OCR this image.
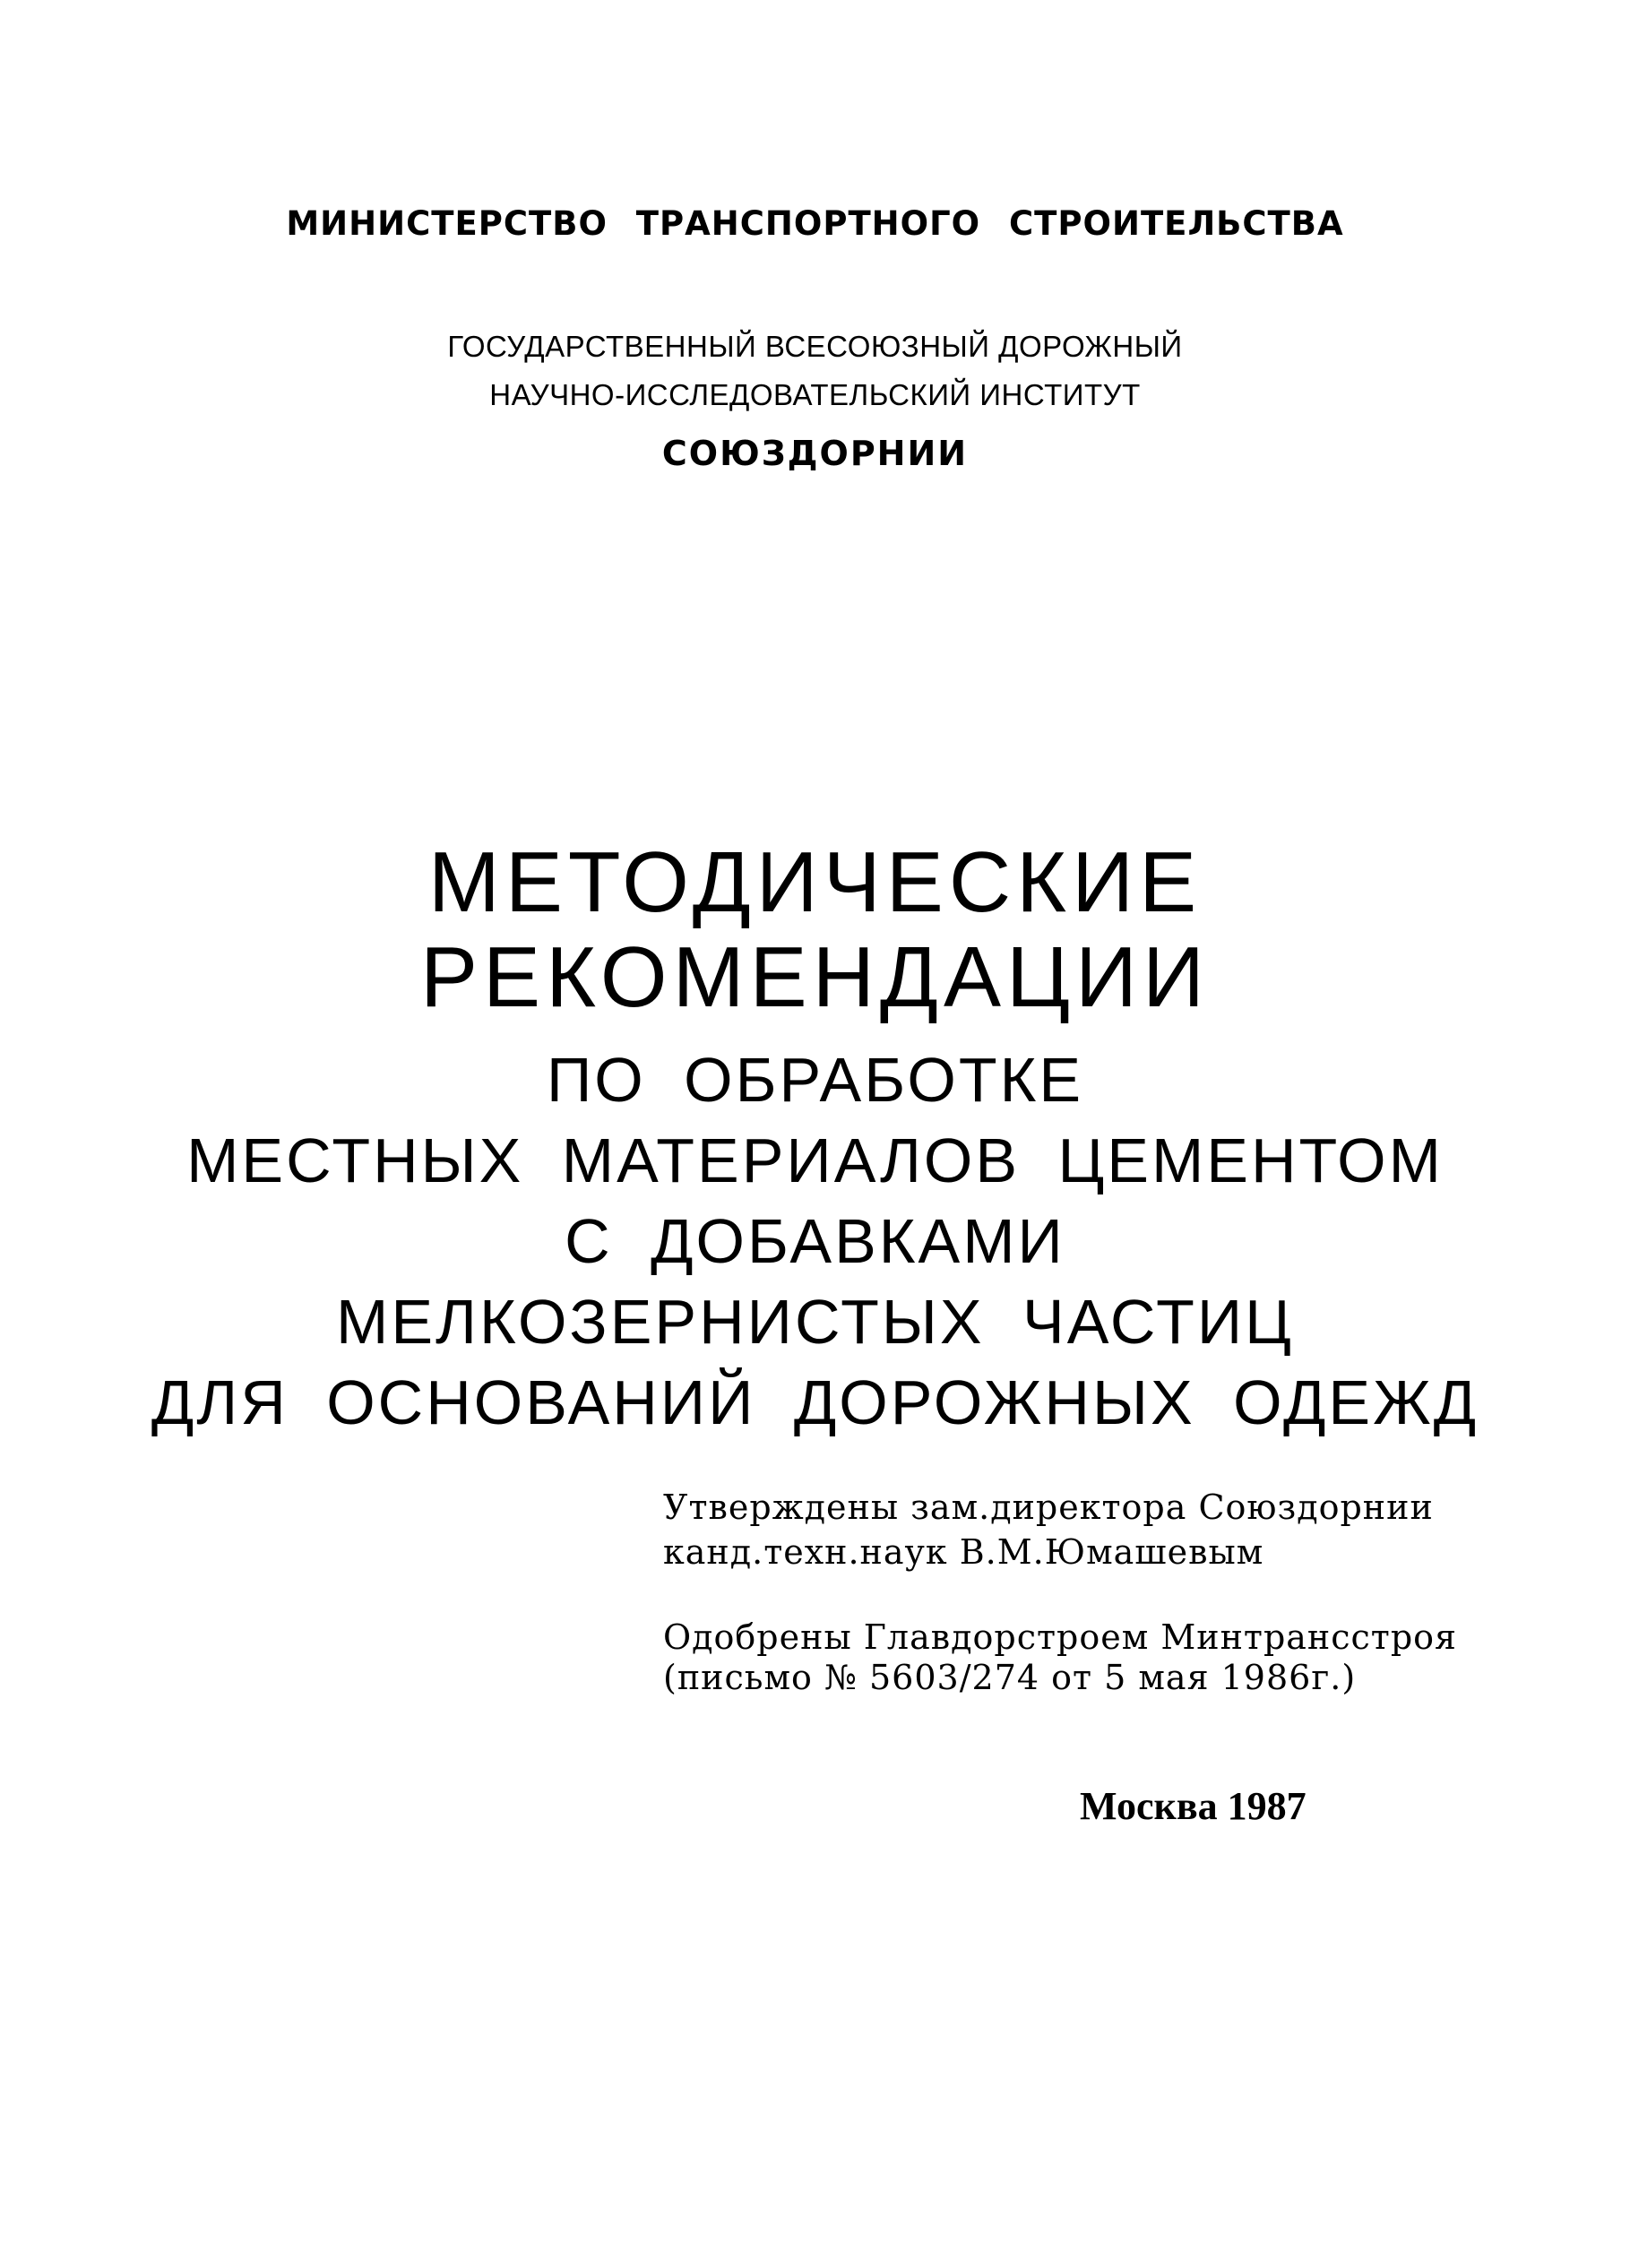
МИНИСТЕРСТВО ТРАНСПОРТНОГО СТРОИТЕЛЬСТВА

ГОСУДАРСТВЕННЫЙ ВСЕСОЮЗНЫЙ ДОРОЖНЫЙ

НАУЧНО-ИССЛЕДОВАТЕЛЬСКИЙ ИНСТИТУТ

СОЮЗДОРНИИ

МЕТОДИЧЕСКИЕ

РЕКОМЕНДАЦИИ

ПО ОБРАБОТКЕ

МЕСТНЫХ МАТЕРИАЛОВ ЦЕМЕНТОМ

С ДОБАВКАМИ

МЕЛКОЗЕРНИСТЫХ ЧАСТИЦ

ДЛЯ ОСНОВАНИЙ ДОРОЖНЫХ ОДЕЖД

Утверждены зам.директора Союздорнии

канд.техн.наук В.М.Юмашевым

Одобрены Главдорстроем Минтрансстроя

(письмо № 5603/274 от 5 мая 1986г.)

Москва 1987
